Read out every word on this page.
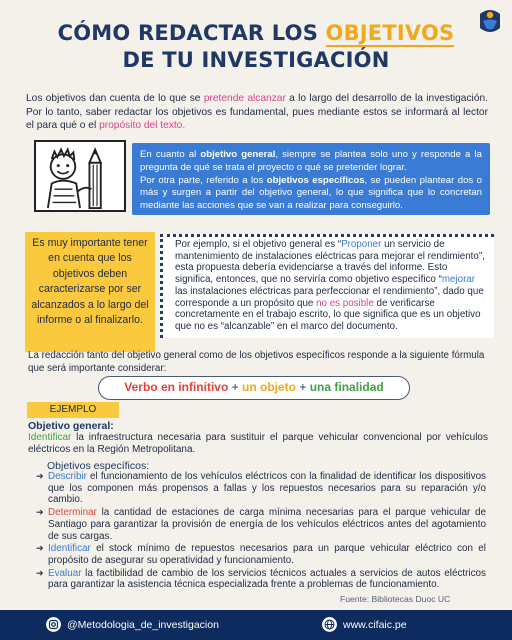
CÓMO REDACTAR LOS OBJETIVOS
DE TU INVESTIGACIÓN

Los objetivos dan cuenta de lo que se pretende alcanzar a lo largo del desarrollo de la investigación. Por lo tanto, saber redactar los objetivos es fundamental, pues mediante estos se informará al lector el para qué o el propósito del texto.

En cuanto al objetivo general, siempre se plantea solo uno y responde a la pregunta de qué se trata el proyecto o qué se pretender lograr.

Por otra parte, referido a los objetivos específicos, se pueden plantear dos o más y surgen a partir del objetivo general, lo que significa que lo concretan mediante las acciones que se van a realizar para conseguirlo.

Es muy importante tener en cuenta que los objetivos deben caracterizarse por ser alcanzados a lo largo del informe o al finalizarlo.
Por ejemplo, si el objetivo general es “Proponer un servicio de mantenimiento de instalaciones eléctricas para mejorar el rendimiento”, esta propuesta debería evidenciarse a través del informe. Esto significa, entonces, que no serviría como objetivo específico “mejorar las instalaciones eléctricas para perfeccionar el rendimiento”, dado que corresponde a un propósito que no es posible de verificarse concretamente en el trabajo escrito, lo que significa que es un objetivo que no es “alcanzable” en el marco del documento.

La redacción tanto del objetivo general como de los objetivos específicos responde a la siguiente fórmula que será importante considerar:

Verbo en infinitivo + un objeto + una finalidad
EJEMPLO
Objetivo general:

Identificar la infraestructura necesaria para sustituir el parque vehicular convencional por vehículos eléctricos en la Región Metropolitana.

Objetivos específicos:
➔ Describir el funcionamiento de los vehículos eléctricos con la finalidad de identificar los dispositivos que los componen más propensos a fallas y los repuestos necesarios para su reparación y/o cambio.
➔ Determinar la cantidad de estaciones de carga mínima necesarias para el parque vehicular de Santiago para garantizar la provisión de energía de los vehículos eléctricos antes del agotamiento de sus cargas.
➔ Identificar el stock mínimo de repuestos necesarios para un parque vehicular eléctrico con el propósito de asegurar su operatividad y funcionamiento.
➔ Evaluar la factibilidad de cambio de los servicios técnicos actuales a servicios de autos eléctricos para garantizar la asistencia técnica especializada frente a problemas de funcionamiento.
Fuente: Bibliotecas Duoc UC
@Metodologia_de_investigacion	www.cifaic.pe
